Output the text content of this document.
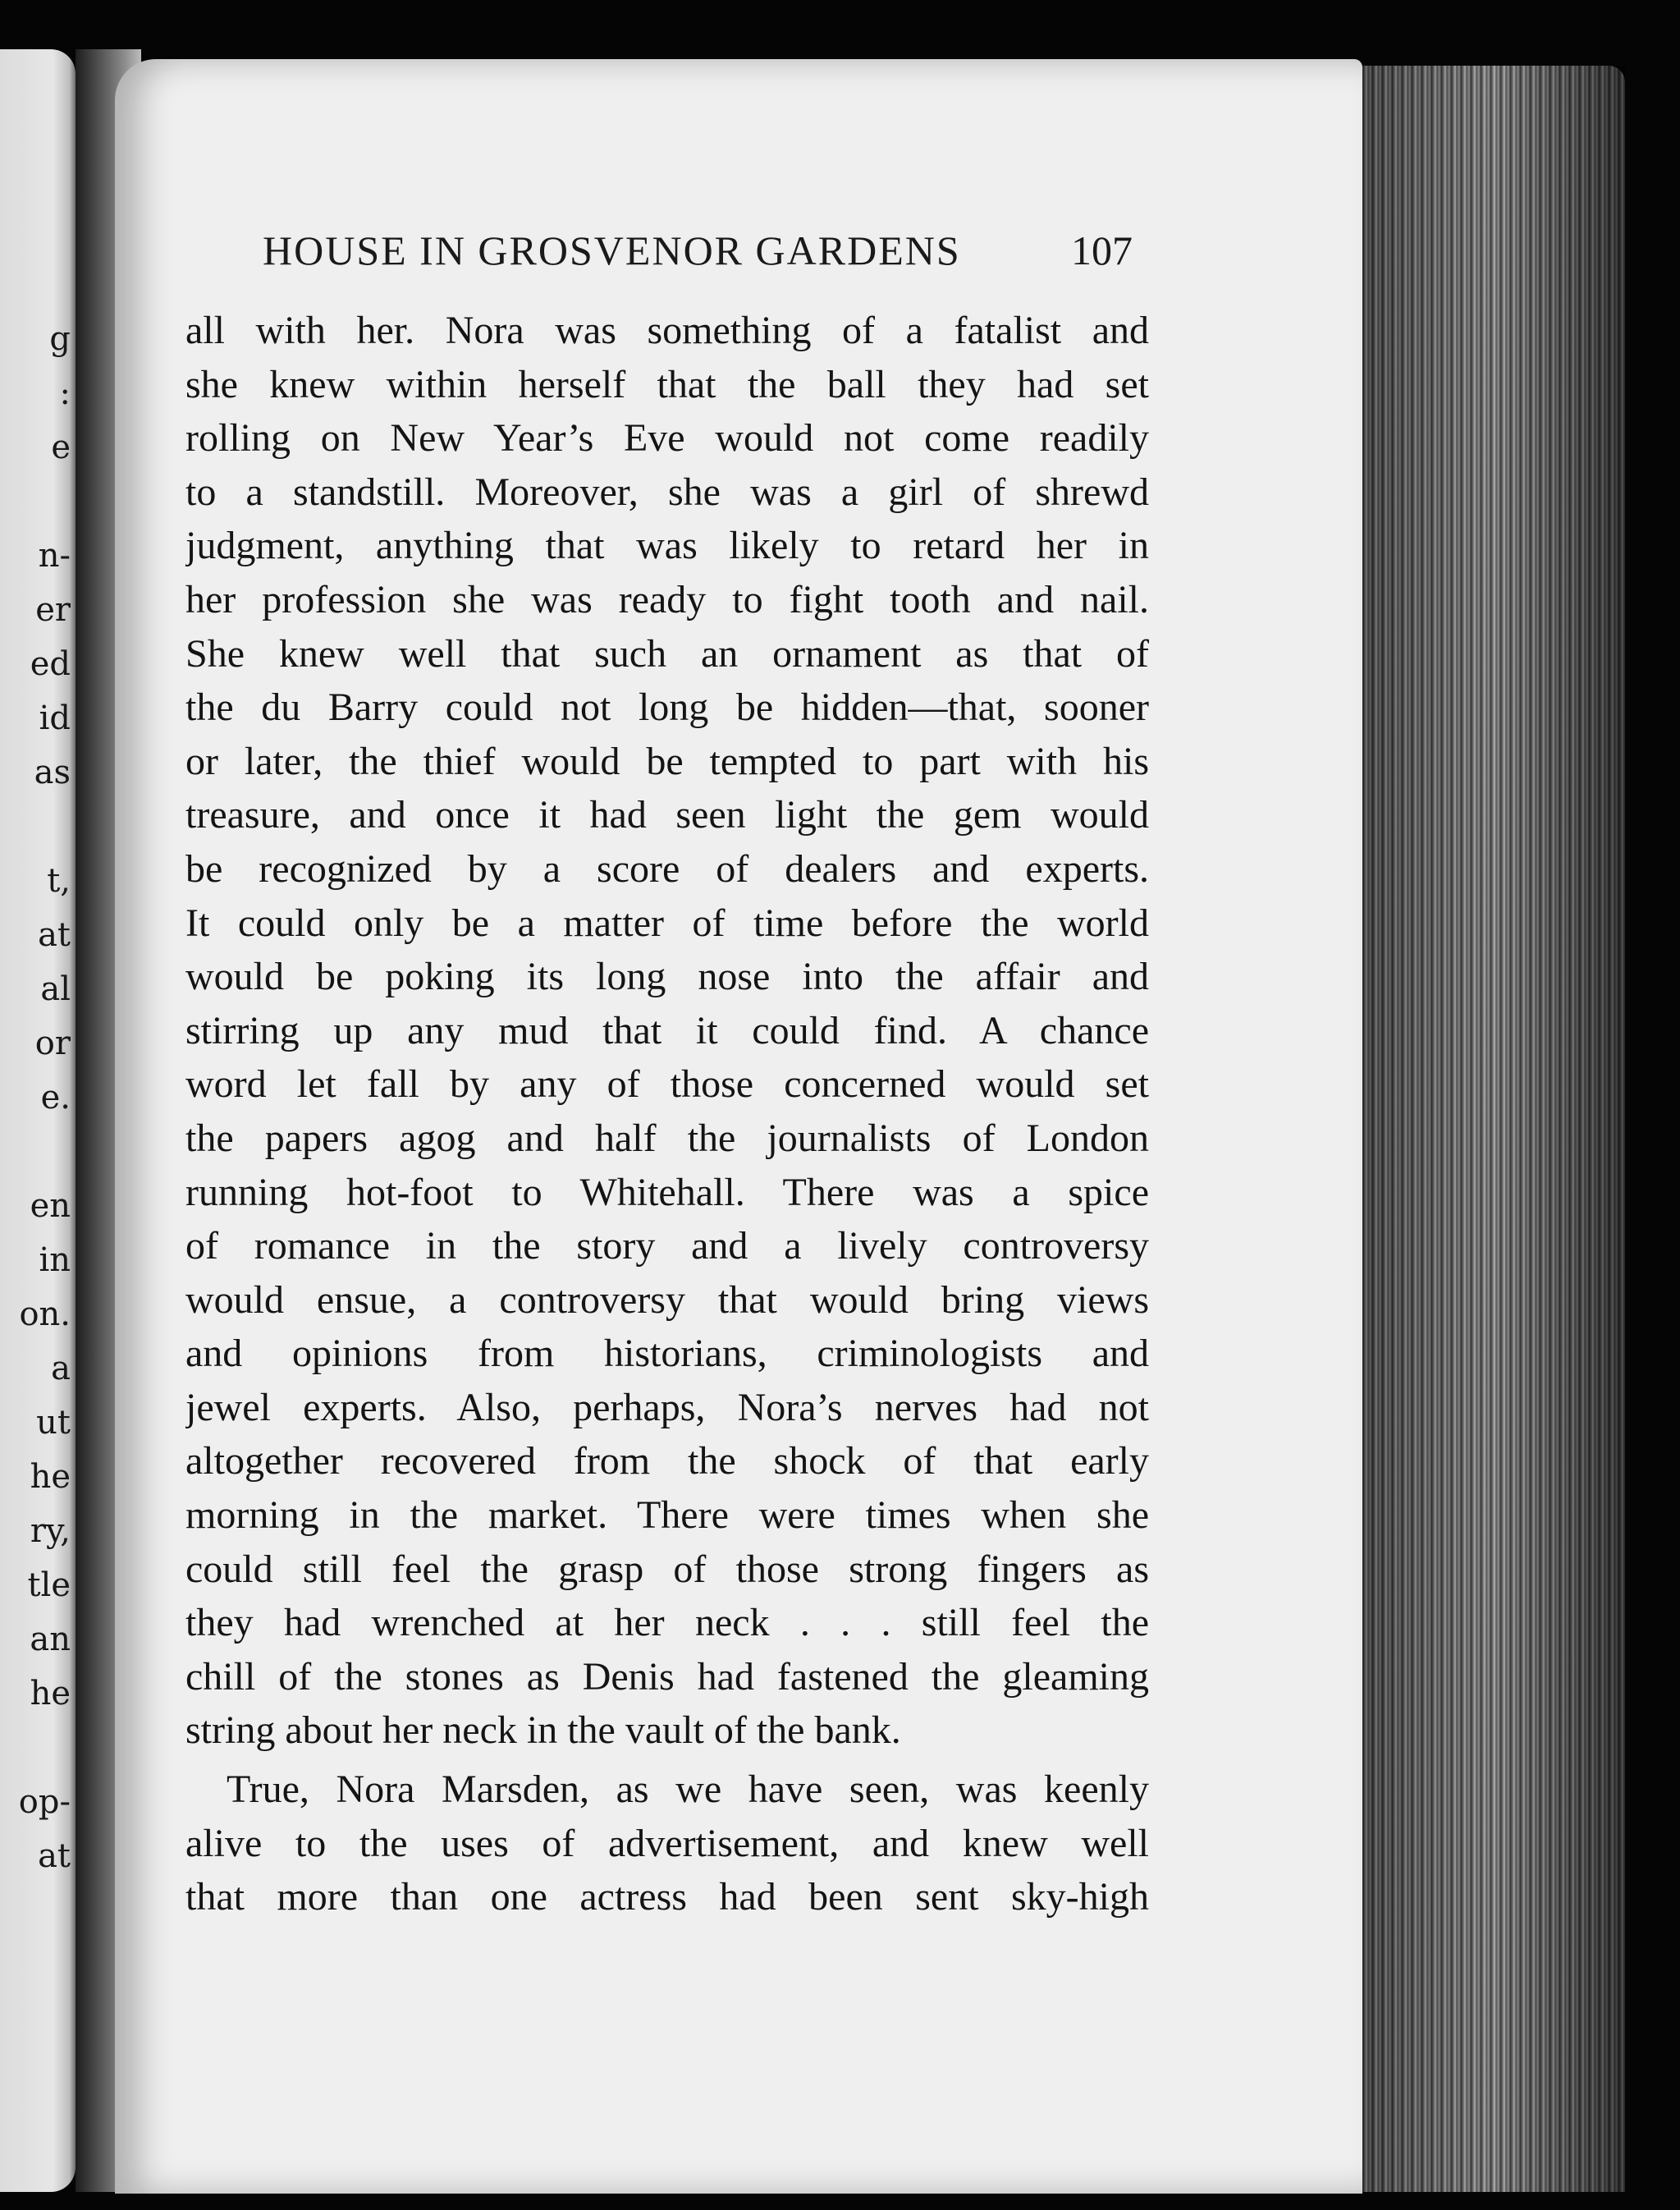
g
:
e
n-
er
ed
id
as
t,
at
al
or
e.
en
in
on.
a
ut
he
ry,
tle
an
he
op-
at
HOUSE IN GROSVENOR GARDENS	107
all with her. Nora was something of a fatalist and
she knew within herself that the ball they had set
rolling on New Year’s Eve would not come readily
to a standstill. Moreover, she was a girl of shrewd
judgment, anything that was likely to retard her in
her profession she was ready to fight tooth and nail.
She knew well that such an ornament as that of
the du Barry could not long be hidden—that, sooner
or later, the thief would be tempted to part with his
treasure, and once it had seen light the gem would
be recognized by a score of dealers and experts.
It could only be a matter of time before the world
would be poking its long nose into the affair and
stirring up any mud that it could find. A chance
word let fall by any of those concerned would set
the papers agog and half the journalists of London
running hot-foot to Whitehall. There was a spice
of romance in the story and a lively controversy
would ensue, a controversy that would bring views
and opinions from historians, criminologists and
jewel experts. Also, perhaps, Nora’s nerves had not
altogether recovered from the shock of that early
morning in the market. There were times when she
could still feel the grasp of those strong fingers as
they had wrenched at her neck . . . still feel the
chill of the stones as Denis had fastened the gleaming
string about her neck in the vault of the bank.
True, Nora Marsden, as we have seen, was keenly
alive to the uses of advertisement, and knew well
that more than one actress had been sent sky-high
